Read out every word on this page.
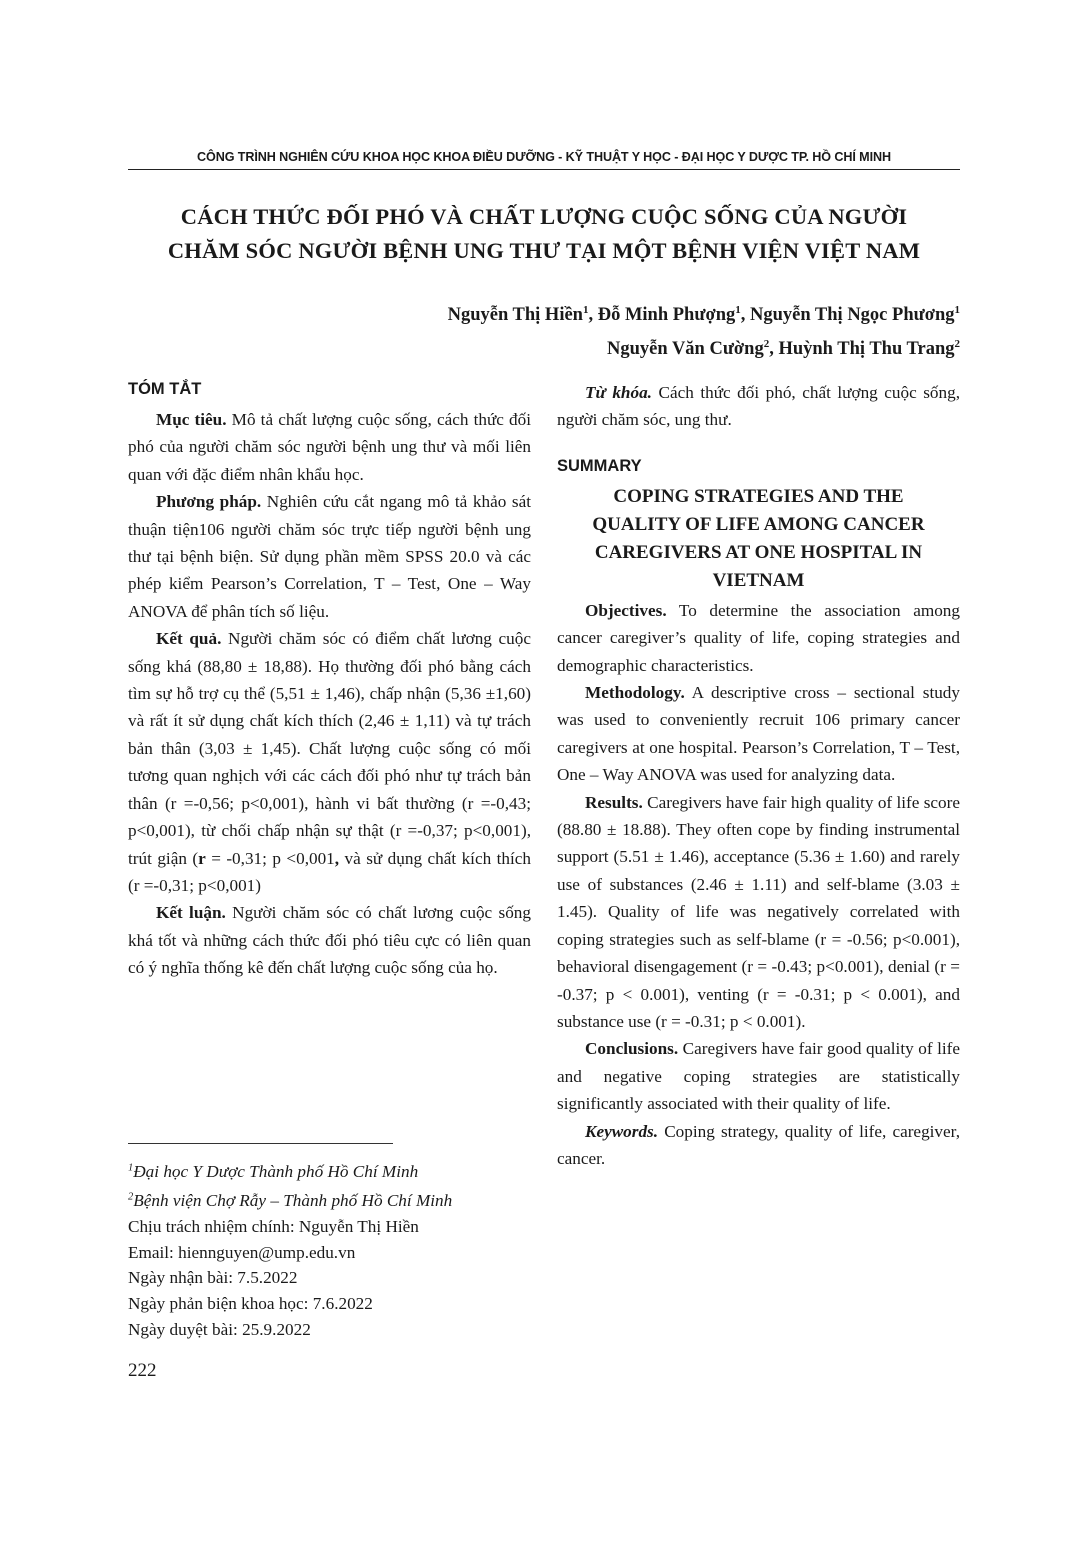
CÔNG TRÌNH NGHIÊN CỨU KHOA HỌC KHOA ĐIỀU DƯỠNG - KỸ THUẬT Y HỌC - ĐẠI HỌC Y DƯỢC TP. HỒ CHÍ MINH
CÁCH THỨC ĐỐI PHÓ VÀ CHẤT LƯỢNG CUỘC SỐNG CỦA NGƯỜI
CHĂM SÓC NGƯỜI BỆNH UNG THƯ TẠI MỘT BỆNH VIỆN VIỆT NAM
Nguyễn Thị Hiền$^1$, Đỗ Minh Phượng$^1$, Nguyễn Thị Ngọc Phương$^1$
Nguyễn Văn Cường$^2$, Huỳnh Thị Thu Trang$^2$
TÓM TẮT

Mục tiêu. Mô tả chất lượng cuộc sống, cách thức đối phó của người chăm sóc người bệnh ung thư và mối liên quan với đặc điểm nhân khẩu học.

Phương pháp. Nghiên cứu cắt ngang mô tả khảo sát thuận tiện106 người chăm sóc trực tiếp người bệnh ung thư tại bệnh biện. Sử dụng phần mềm SPSS 20.0 và các phép kiểm Pearson’s Correlation, T – Test, One – Way ANOVA để phân tích số liệu.

Kết quả. Người chăm sóc có điểm chất lương cuộc sống khá (88,80 ± 18,88). Họ thường đối phó bằng cách tìm sự hỗ trợ cụ thể (5,51 ± 1,46), chấp nhận (5,36 ±1,60) và rất ít sử dụng chất kích thích (2,46 ± 1,11) và tự trách bản thân (3,03 ± 1,45). Chất lượng cuộc sống có mối tương quan nghịch với các cách đối phó như tự trách bản thân (r =-0,56; p<0,001), hành vi bất thường (r =-0,43; p<0,001), từ chối chấp nhận sự thật (r =-0,37; p<0,001), trút giận (r = -0,31; p <0,001, và sử dụng chất kích thích (r =-0,31; p<0,001)

Kết luận. Người chăm sóc có chất lương cuộc sống khá tốt và những cách thức đối phó tiêu cực có liên quan có ý nghĩa thống kê đến chất lượng cuộc sống của họ.

Từ khóa. Cách thức đối phó, chất lượng cuộc sống, người chăm sóc, ung thư.

SUMMARY
COPING STRATEGIES AND THE
QUALITY OF LIFE AMONG CANCER
CAREGIVERS AT ONE HOSPITAL IN
VIETNAM

Objectives. To determine the association among cancer caregiver’s quality of life, coping strategies and demographic characteristics.

Methodology. A descriptive cross – sectional study was used to conveniently recruit 106 primary cancer caregivers at one hospital. Pearson’s Correlation, T – Test, One – Way ANOVA was used for analyzing data.

Results. Caregivers have fair high quality of life score (88.80 ± 18.88). They often cope by finding instrumental support (5.51 ± 1.46), acceptance (5.36 ± 1.60) and rarely use of substances (2.46 ± 1.11) and self-blame (3.03 ± 1.45). Quality of life was negatively correlated with coping strategies such as self-blame (r = -0.56; p<0.001), behavioral disengagement (r = -0.43; p<0.001), denial (r = -0.37; p < 0.001), venting (r = -0.31; p < 0.001), and substance use (r = -0.31; p < 0.001).

Conclusions. Caregivers have fair good quality of life and negative coping strategies are statistically significantly associated with their quality of life.

Keywords. Coping strategy, quality of life, caregiver, cancer.

$^1$Đại học Y Dược Thành phố Hồ Chí Minh
$^2$Bệnh viện Chợ Rẫy – Thành phố Hồ Chí Minh
Chịu trách nhiệm chính: Nguyễn Thị Hiền
Email: hiennguyen@ump.edu.vn
Ngày nhận bài: 7.5.2022
Ngày phản biện khoa học: 7.6.2022
Ngày duyệt bài: 25.9.2022
222
